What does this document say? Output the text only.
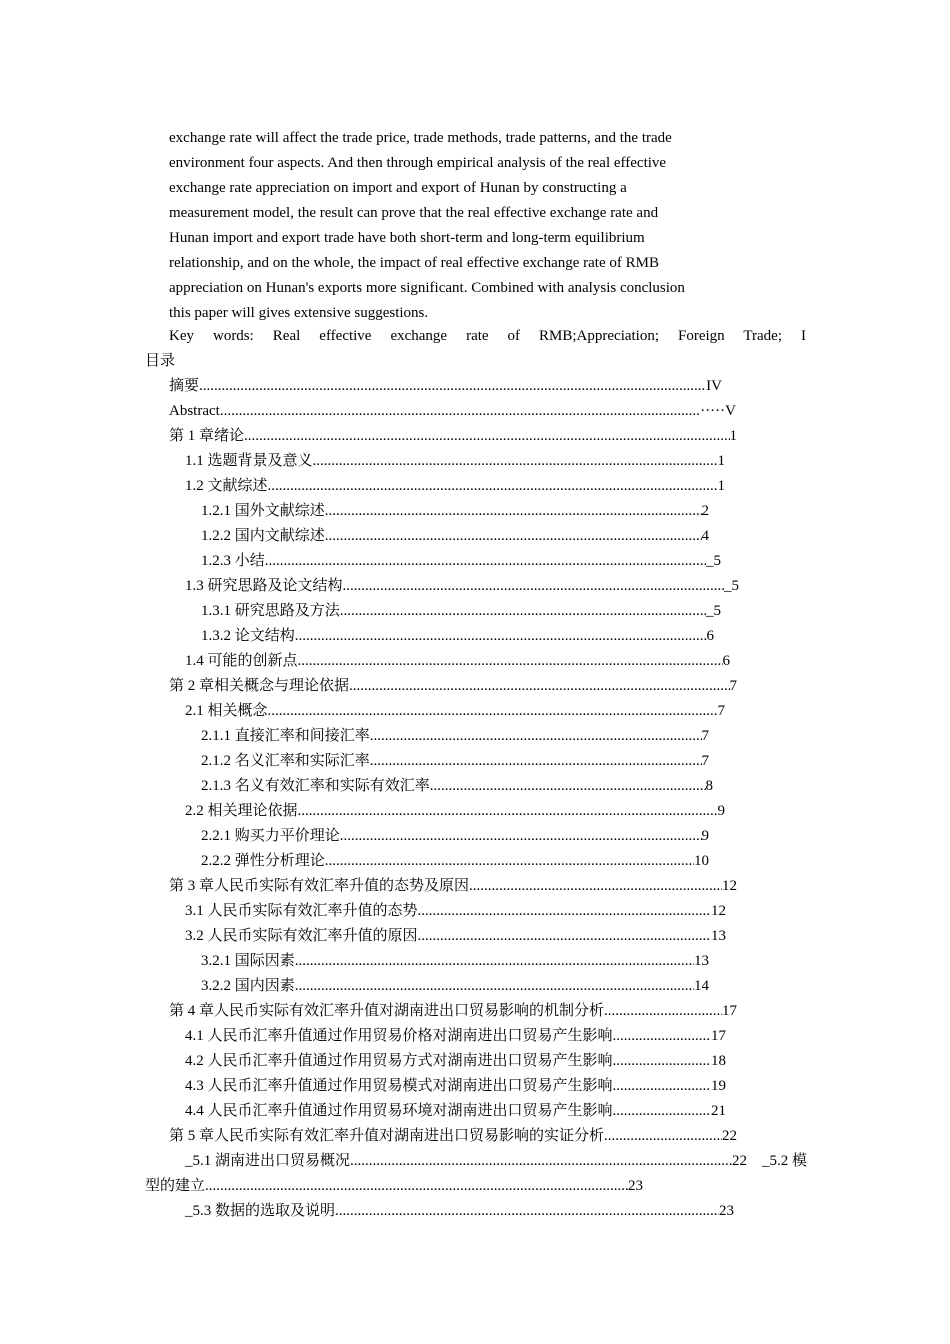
exchange rate will affect the trade price, trade methods, trade patterns, and the trade

environment four aspects. And then through empirical analysis of the real effective

exchange rate appreciation on import and export of Hunan by constructing a

measurement model, the result can prove that the real effective exchange rate and

Hunan import and export trade have both short-term and long-term equilibrium

relationship, and on the whole, the impact of real effective exchange rate of RMB

appreciation on Hunan's exports more significant. Combined with analysis conclusion

this paper will gives extensive suggestions.

Key words: Real effective exchange rate of RMB;Appreciation; Foreign Trade; I
目录
摘要 .....	IV
Abstract .....	·····V
第 1 章绪论 .....	1
1.1 选题背景及意义 .....	1
1.2 文献综述 .....	1
1.2.1 国外文献综述 .....	2
1.2.2 国内文献综述 .....	4
1.2.3 小结 .....	_5
1.3 研究思路及论文结构 .....	_5
1.3.1 研究思路及方法 .....	_5
1.3.2 论文结构 .....	6
1.4 可能的创新点 .....	6
第 2 章相关概念与理论依据 .....	7
2.1 相关概念 .....	7
2.1.1 直接汇率和间接汇率 .....	7
2.1.2 名义汇率和实际汇率 .....	7
2.1.3 名义有效汇率和实际有效汇率 .....	8
2.2 相关理论依据 .....	9
2.2.1 购买力平价理论 .....	9
2.2.2 弹性分析理论 .....	10
第 3 章人民币实际有效汇率升值的态势及原因 .....	12
3.1 人民币实际有效汇率升值的态势 .....	12
3.2 人民币实际有效汇率升值的原因 .....	13
3.2.1 国际因素 .....	13
3.2.2 国内因素 .....	14
第 4 章人民币实际有效汇率升值对湖南进出口贸易影响的机制分析 .....	17
4.1 人民币汇率升值通过作用贸易价格对湖南进出口贸易产生影响 .....	17
4.2 人民币汇率升值通过作用贸易方式对湖南进出口贸易产生影响 .....	18
4.3 人民币汇率升值通过作用贸易模式对湖南进出口贸易产生影响 .....	19
4.4 人民币汇率升值通过作用贸易环境对湖南进出口贸易产生影响 .....	21
第 5 章人民币实际有效汇率升值对湖南进出口贸易影响的实证分析 .....	22
_5.1 湖南进出口贸易概况 .....	22 _5.2 模
型的建立 .....	23
_5.3 数据的选取及说明 .....	23
